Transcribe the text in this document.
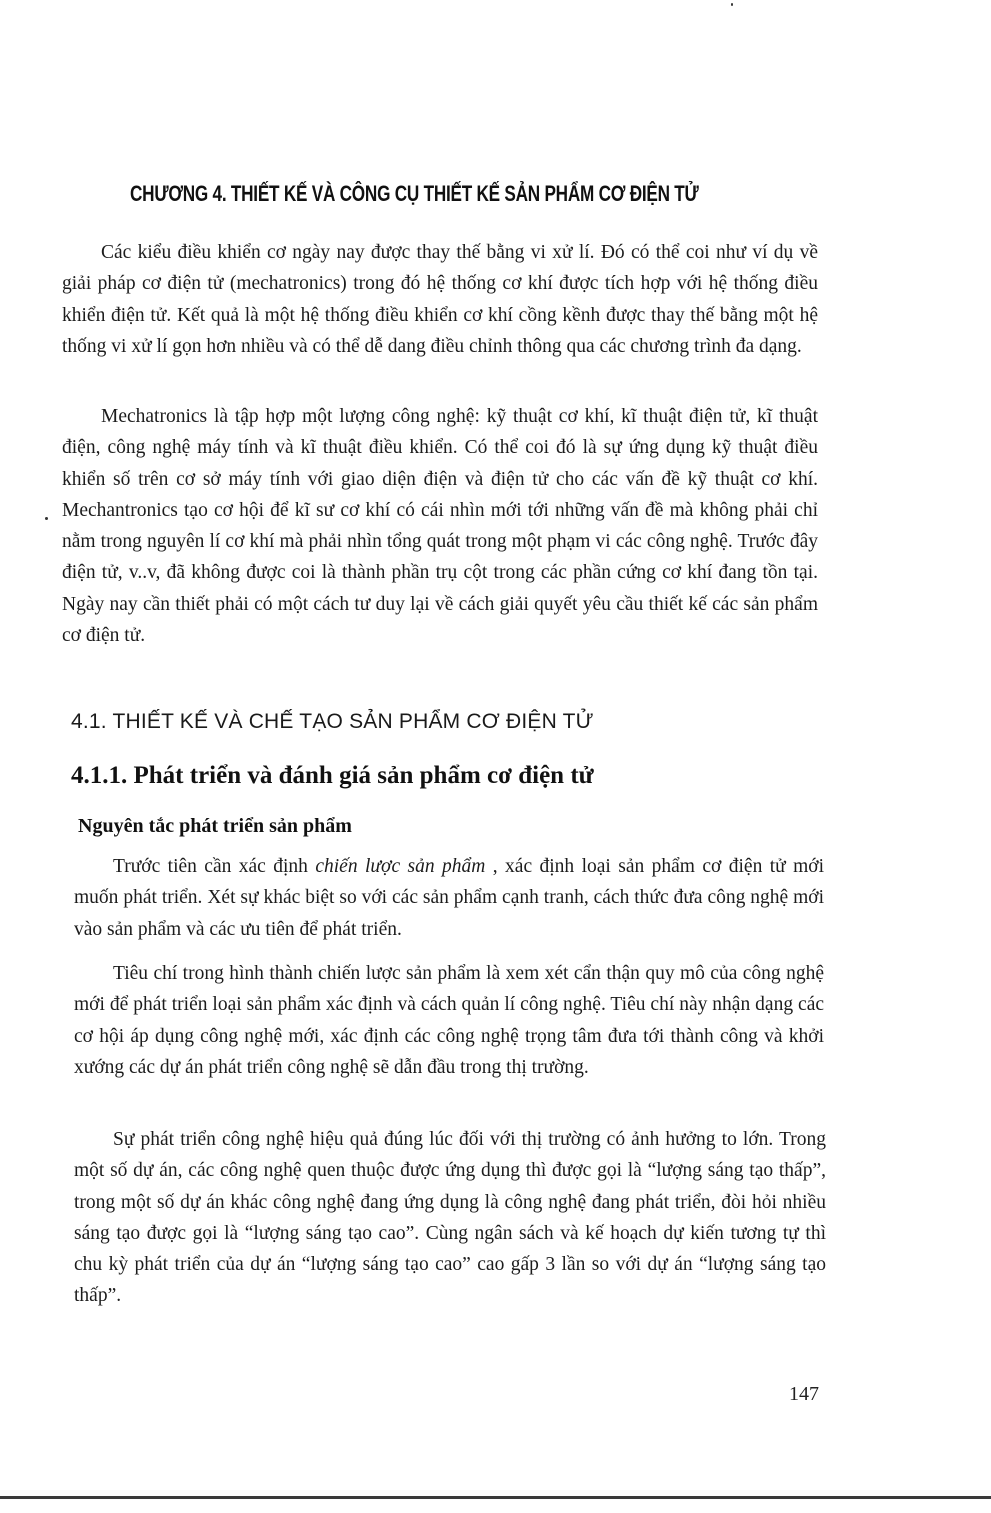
CHƯƠNG 4. THIẾT KẾ VÀ CÔNG CỤ THIẾT KẾ SẢN PHẨM CƠ ĐIỆN TỬ

Các kiểu điều khiển cơ ngày nay được thay thế bằng vi xử lí. Đó có thể coi như ví dụ về giải pháp cơ điện tử (mechatronics) trong đó hệ thống cơ khí được tích hợp với hệ thống điều khiển điện tử. Kết quả là một hệ thống điều khiển cơ khí cồng kềnh được thay thế bằng một hệ thống vi xử lí gọn hơn nhiều và có thể dễ dang điều chỉnh thông qua các chương trình đa dạng.

Mechatronics là tập hợp một lượng công nghệ: kỹ thuật cơ khí, kĩ thuật điện tử, kĩ thuật điện, công nghệ máy tính và kĩ thuật điều khiển. Có thể coi đó là sự ứng dụng kỹ thuật điều khiển số trên cơ sở máy tính với giao diện điện và điện tử cho các vấn đề kỹ thuật cơ khí. Mechantronics tạo cơ hội để kĩ sư cơ khí có cái nhìn mới tới những vấn đề mà không phải chỉ nằm trong nguyên lí cơ khí mà phải nhìn tổng quát trong một phạm vi các công nghệ. Trước đây điện tử, v..v, đã không được coi là thành phần trụ cột trong các phần cứng cơ khí đang tồn tại. Ngày nay cần thiết phải có một cách tư duy lại về cách giải quyết yêu cầu thiết kế các sản phẩm cơ điện tử.

4.1. THIẾT KẾ VÀ CHẾ TẠO SẢN PHẨM CƠ ĐIỆN TỬ
4.1.1. Phát triển và đánh giá sản phẩm cơ điện tử
Nguyên tắc phát triển sản phẩm

Trước tiên cần xác định chiến lược sản phẩm , xác định loại sản phẩm cơ điện tử mới muốn phát triển. Xét sự khác biệt so với các sản phẩm cạnh tranh, cách thức đưa công nghệ mới vào sản phẩm và các ưu tiên để phát triển.

Tiêu chí trong hình thành chiến lược sản phẩm là xem xét cẩn thận quy mô của công nghệ mới để phát triển loại sản phẩm xác định và cách quản lí công nghệ. Tiêu chí này nhận dạng các cơ hội áp dụng công nghệ mới, xác định các công nghệ trọng tâm đưa tới thành công và khởi xướng các dự án phát triển công nghệ sẽ dẫn đầu trong thị trường.

Sự phát triển công nghệ hiệu quả đúng lúc đối với thị trường có ảnh hưởng to lớn. Trong một số dự án, các công nghệ quen thuộc được ứng dụng thì được gọi là “lượng sáng tạo thấp”, trong một số dự án khác công nghệ đang ứng dụng là công nghệ đang phát triển, đòi hỏi nhiều sáng tạo được gọi là “lượng sáng tạo cao”. Cùng ngân sách và kế hoạch dự kiến tương tự thì chu kỳ phát triển của dự án “lượng sáng tạo cao” cao gấp 3 lần so với dự án “lượng sáng tạo thấp”.

147
